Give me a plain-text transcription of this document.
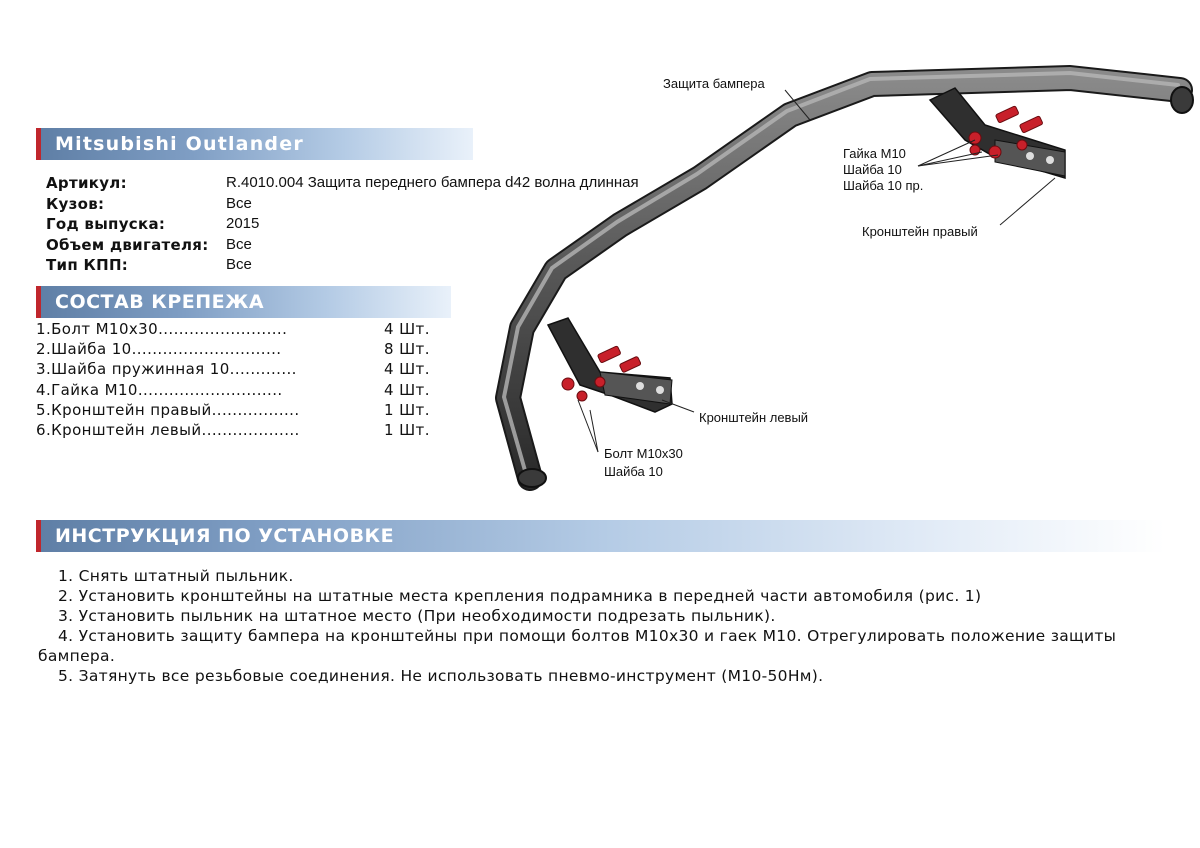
Mitsubishi Outlander
Артикул:	R.4010.004 Защита переднего бампера d42 волна длинная
Кузов:	Все
Год выпуска:	2015
Объем двигателя:	Все
Тип КПП:	Все
СОСТАВ КРЕПЕЖА
1.Болт М10х30.........................	4 Шт.
2.Шайба 10.............................	8 Шт.
3.Шайба пружинная 10.............	4 Шт.
4.Гайка М10............................	4 Шт.
5.Кронштейн правый.................	1 Шт.
6.Кронштейн левый...................	1 Шт.
ИНСТРУКЦИЯ ПО УСТАНОВКЕ
1. Снять штатный пыльник.
2. Установить кронштейны на штатные места крепления подрамника в передней части автомобиля (рис. 1)
3. Установить пыльник на штатное место (При необходимости подрезать пыльник).
4. Установить защиту бампера на кронштейны при помощи болтов М10х30 и гаек М10. Отрегулировать положение защиты бампера.
5. Затянуть все резьбовые соединения. Не использовать пневмо-инструмент (М10-50Нм).
Защита бампера
Гайка М10
Шайба 10
Шайба 10 пр.
Кронштейн правый
Кронштейн левый
Болт М10х30
Шайба 10
